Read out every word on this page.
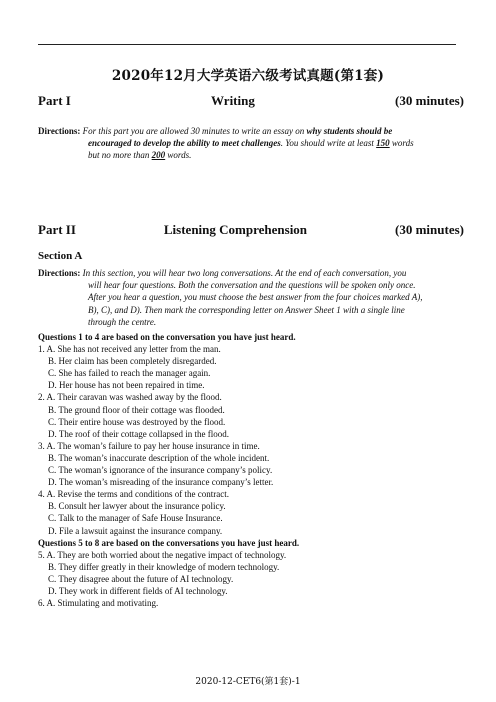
2020年12月大学英语六级考试真题(第1套)
Part I	Writing	(30 minutes)
Directions: For this part you are allowed 30 minutes to write an essay on why students should be
encouraged to develop the ability to meet challenges. You should write at least 150 words
but no more than 200 words.
Part II	Listening Comprehension	(30 minutes)
Section A
Directions: In this section, you will hear two long conversations. At the end of each conversation, you
will hear four questions. Both the conversation and the questions will be spoken only once.
After you hear a question, you must choose the best answer from the four choices marked A),
B), C), and D). Then mark the corresponding letter on Answer Sheet 1 with a single line
through the centre.
Questions 1 to 4 are based on the conversation you have just heard.
1. A. She has not received any letter from the man.
B. Her claim has been completely disregarded.
C. She has failed to reach the manager again.
D. Her house has not been repaired in time.
2. A. Their caravan was washed away by the flood.
B. The ground floor of their cottage was flooded.
C. Their entire house was destroyed by the flood.
D. The roof of their cottage collapsed in the flood.
3. A. The woman’s failure to pay her house insurance in time.
B. The woman’s inaccurate description of the whole incident.
C. The woman’s ignorance of the insurance company’s policy.
D. The woman’s misreading of the insurance company’s letter.
4. A. Revise the terms and conditions of the contract.
B. Consult her lawyer about the insurance policy.
C. Talk to the manager of Safe House Insurance.
D. File a lawsuit against the insurance company.
Questions 5 to 8 are based on the conversations you have just heard.
5. A. They are both worried about the negative impact of technology.
B. They differ greatly in their knowledge of modern technology.
C. They disagree about the future of AI technology.
D. They work in different fields of AI technology.
6. A. Stimulating and motivating.
2020-12-CET6(第1套)-1
